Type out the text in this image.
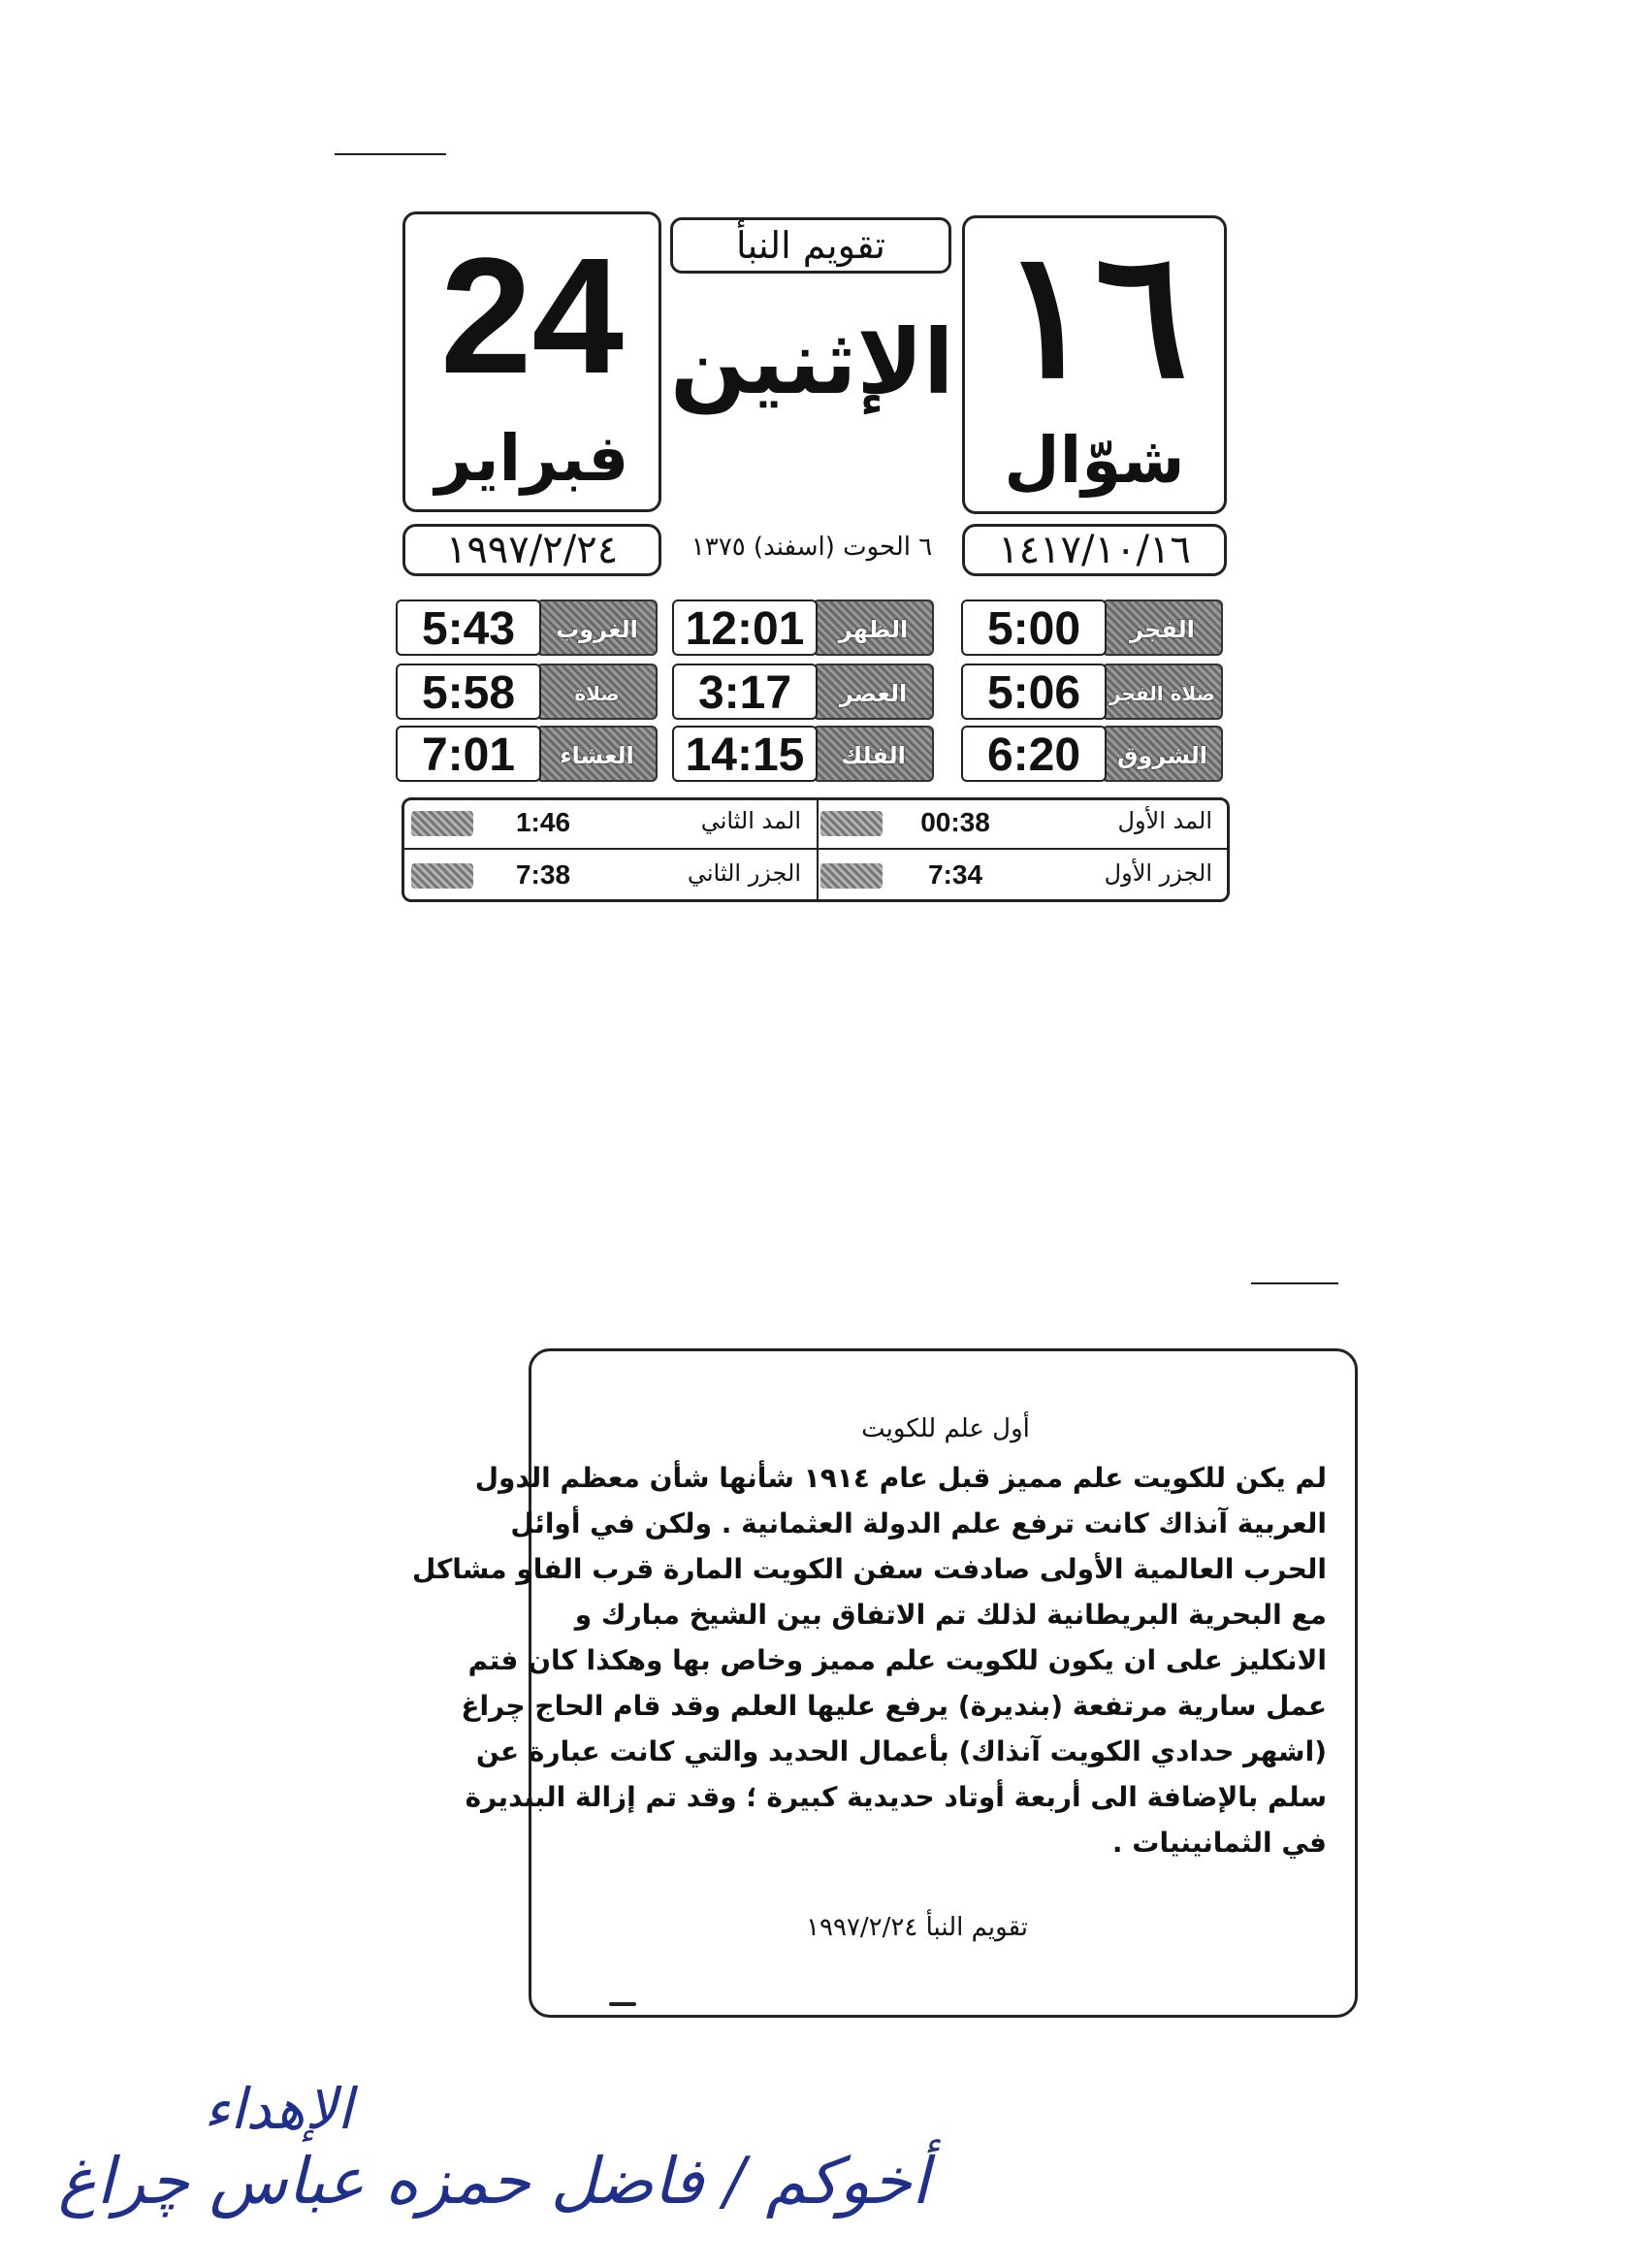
١٦
شوّال
تقويم النبأ
الإثنين
24
فبراير
١٤١٧/١٠/١٦
٦ الحوت (اسفند) ١٣٧٥
١٩٩٧/٢/٢٤
الفجر
5:00
صلاة الفجر
5:06
الشروق
6:20
الظهر
12:01
العصر
3:17
الفلك
14:15
الغروب
5:43
صلاة
5:58
العشاء
7:01
المد الأول
00:38
المد الثاني
1:46
الجزر الأول
7:34
الجزر الثاني
7:38
أول علم للكويت
لم يكن للكويت علم مميز قبل عام ١٩١٤ شأنها شأن معظم الدول
العربية آنذاك كانت ترفع علم الدولة العثمانية . ولكن في أوائل
الحرب العالمية الأولى صادفت سفن الكويت المارة قرب الفاو مشاكل
مع البحرية البريطانية لذلك تم الاتفاق بين الشيخ مبارك و
الانكليز على ان يكون للكويت علم مميز وخاص بها وهكذا كان فتم
عمل سارية مرتفعة (بنديرة) يرفع عليها العلم وقد قام الحاج چراغ
(اشهر حدادي الكويت آنذاك) بأعمال الحديد والتي كانت عبارة عن
سلم بالإضافة الى أربعة أوتاد حديدية كبيرة ؛ وقد تم إزالة البنديرة
في الثمانينيات .
تقويم النبأ ١٩٩٧/٢/٢٤
الإهداء
أخوكم / فاضل حمزه عباس چراغ
